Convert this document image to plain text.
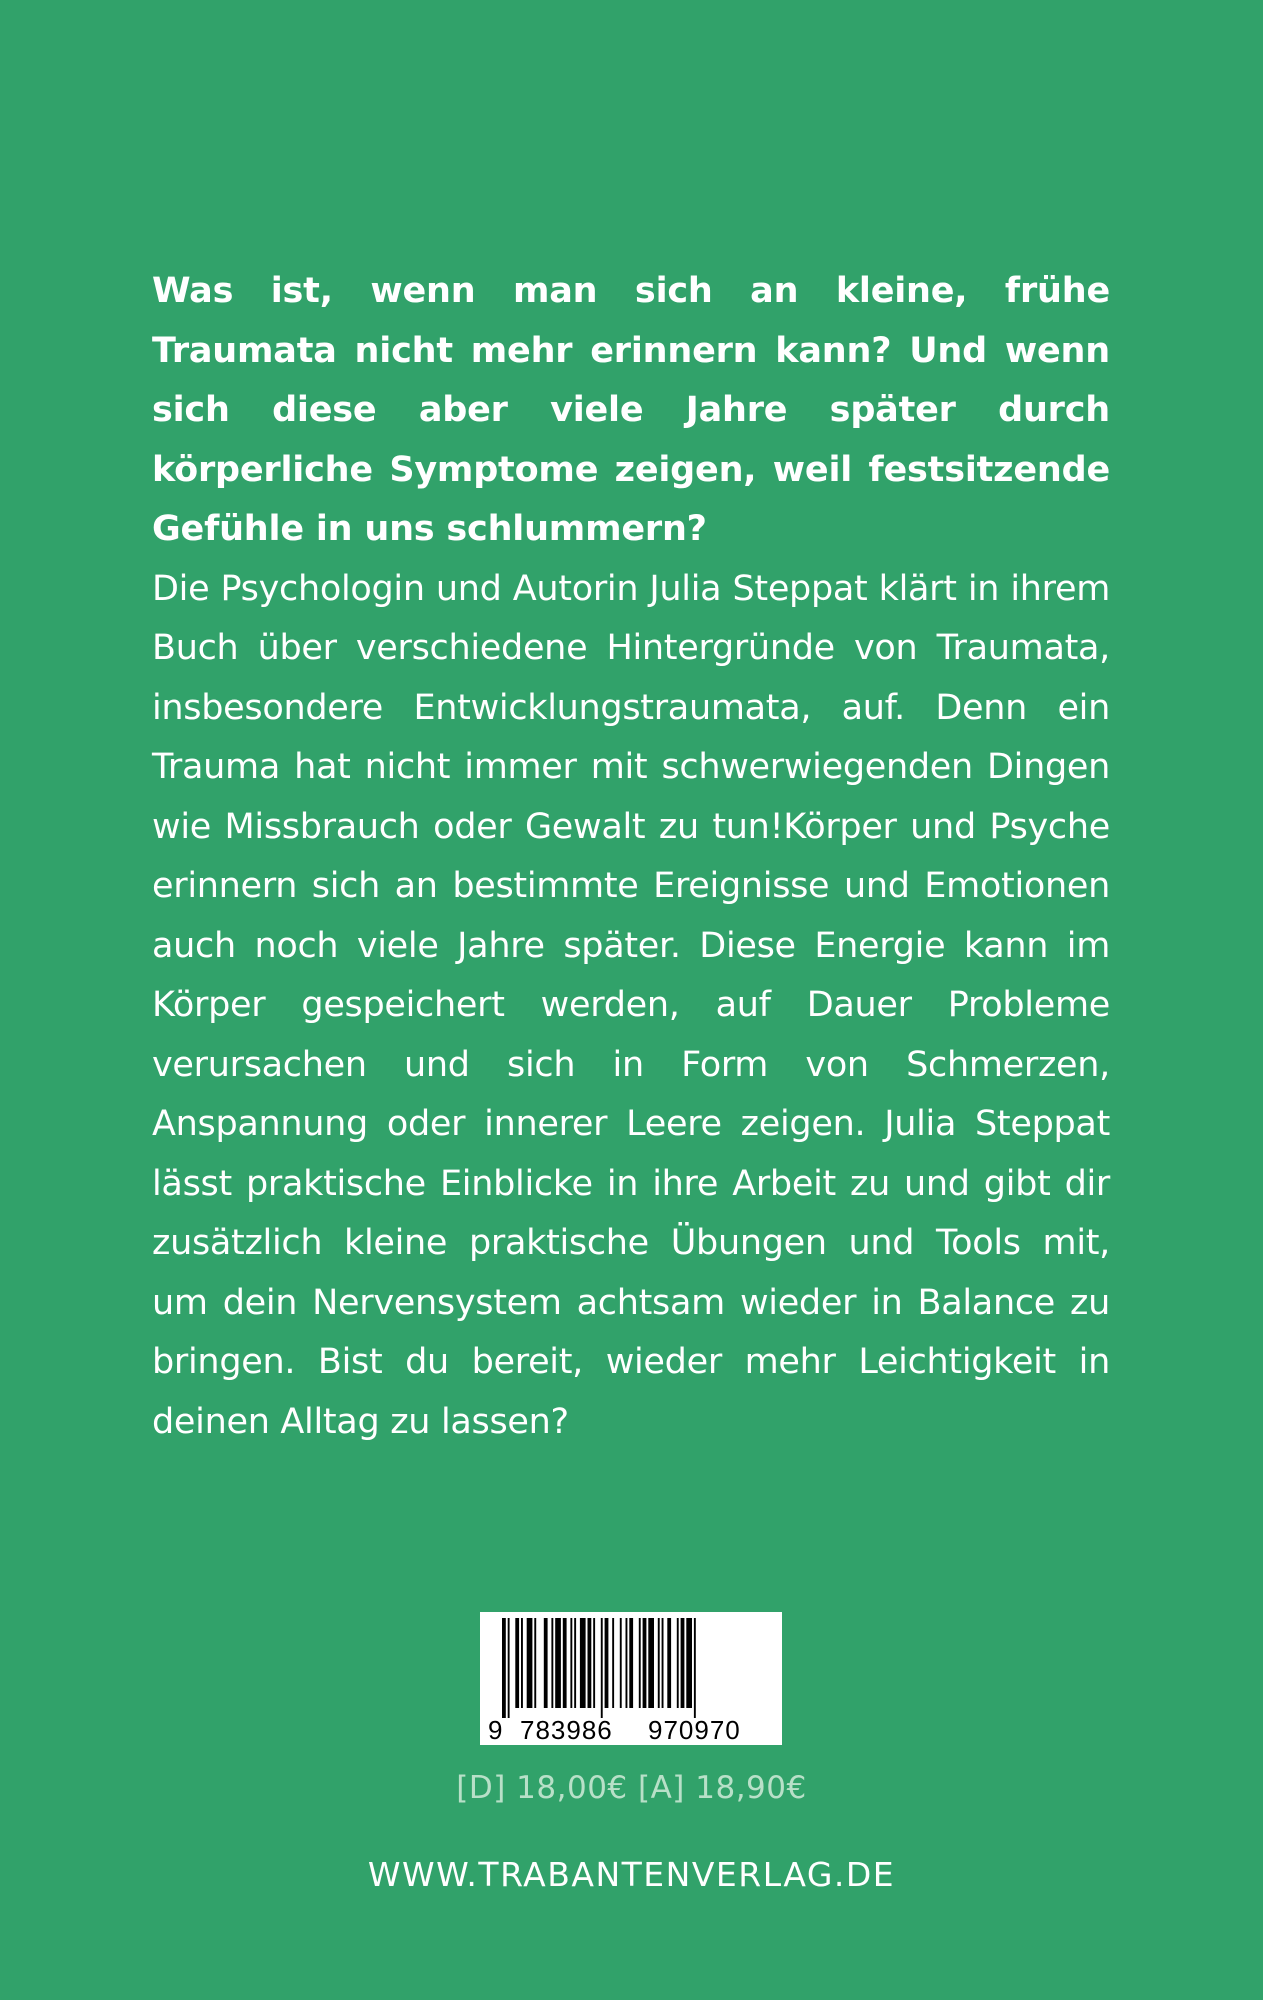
Was ist, wenn man sich an kleine, frühe Traumata nicht mehr erinnern kann? Und wenn sich diese aber viele Jahre später durch körperliche Symptome zeigen, weil festsitzende Gefühle in uns schlummern?

Die Psychologin und Autorin Julia Steppat klärt in ihrem Buch über verschiedene Hintergründe von Traumata, insbesondere Entwicklungstraumata, auf. Denn ein Trauma hat nicht immer mit schwerwiegenden Dingen wie Missbrauch oder Gewalt zu tun!Körper und Psyche erinnern sich an bestimmte Ereignisse und Emotionen auch noch viele Jahre später. Diese Energie kann im Körper gespeichert werden, auf Dauer Probleme verursachen und sich in Form von Schmerzen, Anspannung oder innerer Leere zeigen. Julia Steppat lässt praktische Einblicke in ihre Arbeit zu und gibt dir zusätzlich kleine praktische Übungen und Tools mit, um dein Nervensystem achtsam wieder in Balance zu bringen. Bist du bereit, wieder mehr Leichtigkeit in deinen Alltag zu lassen?

9 783986 970970
[D] 18,00€ [A] 18,90€
WWW.TRABANTENVERLAG.DE
